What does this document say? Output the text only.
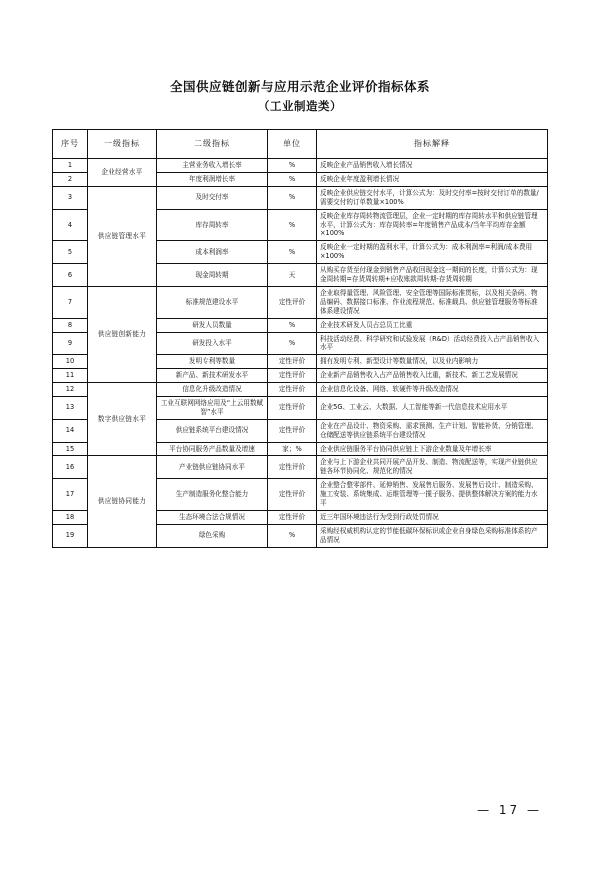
全国供应链创新与应用示范企业评价指标体系
（工业制造类）
序号	一级指标	二级指标	单位	指标解释
1	企业经营水平	主营业务收入增长率	%	反映企业产品销售收入增长情况
2		年度利润增长率	%	反映企业年度盈利增长情况
3	供应链管理水平	及时交付率	%	反映企业供应链交付水平，计算公式为：及时交付率=按时交付订单的数量/需要交付的订单数量×100%
4		库存周转率	%	反映企业库存周转物流管理层，企业一定时期的库存周转水平和供应链管理水平，计算公式为：库存周转率=年度销售产品成本/当年平均库存金额×100%
5		成本利润率	%	反映企业一定时期的盈利水平，计算公式为：成本利润率=利润/成本费用×100%
6		现金周转期	天	从购买存货至付现金到销售产品收回现金这一期间的长度，计算公式为：现金周转期=存货周转期+应收账款周转期-存货周转期
7	供应链创新能力	标准规范建设水平	定性评价	企业取得量管理、风险管理、安全管理等国际标准贯标，以及相关条码、物品编码、数据接口标准、作业流程规范、标准载具、供应链管理服务等标准体系建设情况
8		研发人员数量	%	企业技术研发人员占总员工比重
9		研发投入水平	%	科技活动经费、科学研究和试验发展（R&D）活动经费投入占产品销售收入水平
10		发明专利等数量	定性评价	拥有发明专利、新型设计等数量情况，以及业内影响力
11		新产品、新技术研发水平	定性评价	企业新产品销售收入占产品销售收入比重，新技术、新工艺发展情况
12	数字供应链水平	信息化升级改造情况	定性评价	企业信息化设备、网络、软硬件等升级改造情况
13		工业互联网网络应用及“上云用数赋智”水平	定性评价	企业5G、工业云、大数据、人工智能等新一代信息技术应用水平
14		供应链系统平台建设情况	定性评价	企业在产品设计、物资采购、需求预测、生产计划、智能补货、分销管理、仓储配送等供应链系统平台建设情况
15		平台协同服务产品数量及增速	家；%	企业供应链服务平台协同供应链上下游企业数量及年增长率
16	供应链协同能力	产业链供应链协同水平	定性评价	企业与上下游企业共同开展产品开发、制造、物流配送等，实现产业链供应链各环节协同化、规范化的情况
17		生产制造服务化整合能力	定性评价	企业整合整零部件、延伸销售、发展售后服务、发展售后设计、制造采购、施工安装、系统集成、运维管理等一揽子服务、提供整体解决方案的能力水平
18		生态环境合法合规情况	定性评价	近三年国环境违法行为受到行政处罚情况
19		绿色采购	%	采购经权威机构认定的节能低碳环保标识或企业自身绿色采购标准体系的产品情况
— 17 —
